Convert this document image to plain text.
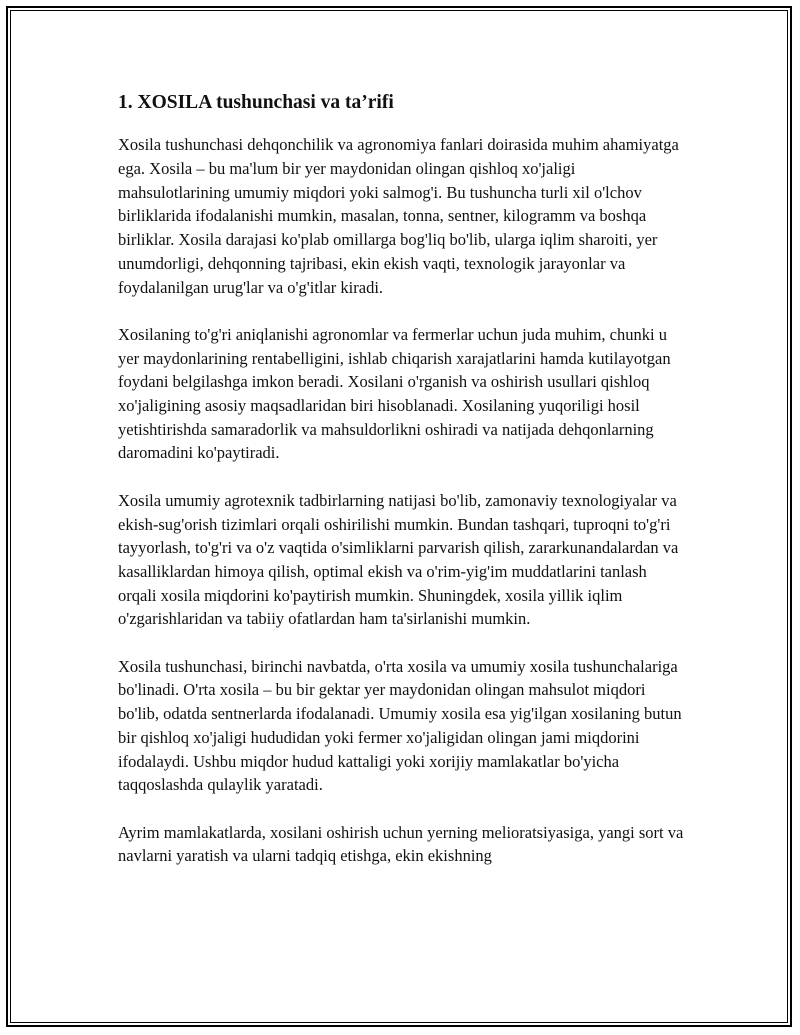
1. XOSILA tushunchasi va ta’rifi

Xosila tushunchasi dehqonchilik va agronomiya fanlari doirasida muhim ahamiyatga ega. Xosila – bu ma'lum bir yer maydonidan olingan qishloq xo'jaligi mahsulotlarining umumiy miqdori yoki salmog'i. Bu tushuncha turli xil o'lchov birliklarida ifodalanishi mumkin, masalan, tonna, sentner, kilogramm va boshqa birliklar. Xosila darajasi ko'plab omillarga bog'liq bo'lib, ularga iqlim sharoiti, yer unumdorligi, dehqonning tajribasi, ekin ekish vaqti, texnologik jarayonlar va foydalanilgan urug'lar va o'g'itlar kiradi.

Xosilaning to'g'ri aniqlanishi agronomlar va fermerlar uchun juda muhim, chunki u yer maydonlarining rentabelligini, ishlab chiqarish xarajatlarini hamda kutilayotgan foydani belgilashga imkon beradi. Xosilani o'rganish va oshirish usullari qishloq xo'jaligining asosiy maqsadlaridan biri hisoblanadi. Xosilaning yuqoriligi hosil yetishtirishda samaradorlik va mahsuldorlikni oshiradi va natijada dehqonlarning daromadini ko'paytiradi.

Xosila umumiy agrotexnik tadbirlarning natijasi bo'lib, zamonaviy texnologiyalar va ekish-sug'orish tizimlari orqali oshirilishi mumkin. Bundan tashqari, tuproqni to'g'ri tayyorlash, to'g'ri va o'z vaqtida o'simliklarni parvarish qilish, zararkunandalardan va kasalliklardan himoya qilish, optimal ekish va o'rim-yig'im muddatlarini tanlash orqali xosila miqdorini ko'paytirish mumkin. Shuningdek, xosila yillik iqlim o'zgarishlaridan va tabiiy ofatlardan ham ta'sirlanishi mumkin.

Xosila tushunchasi, birinchi navbatda, o'rta xosila va umumiy xosila tushunchalariga bo'linadi. O'rta xosila – bu bir gektar yer maydonidan olingan mahsulot miqdori bo'lib, odatda sentnerlarda ifodalanadi. Umumiy xosila esa yig'ilgan xosilaning butun bir qishloq xo'jaligi hududidan yoki fermer xo'jaligidan olingan jami miqdorini ifodalaydi. Ushbu miqdor hudud kattaligi yoki xorijiy mamlakatlar bo'yicha taqqoslashda qulaylik yaratadi.

Ayrim mamlakatlarda, xosilani oshirish uchun yerning melioratsiyasiga, yangi sort va navlarni yaratish va ularni tadqiq etishga, ekin ekishning
